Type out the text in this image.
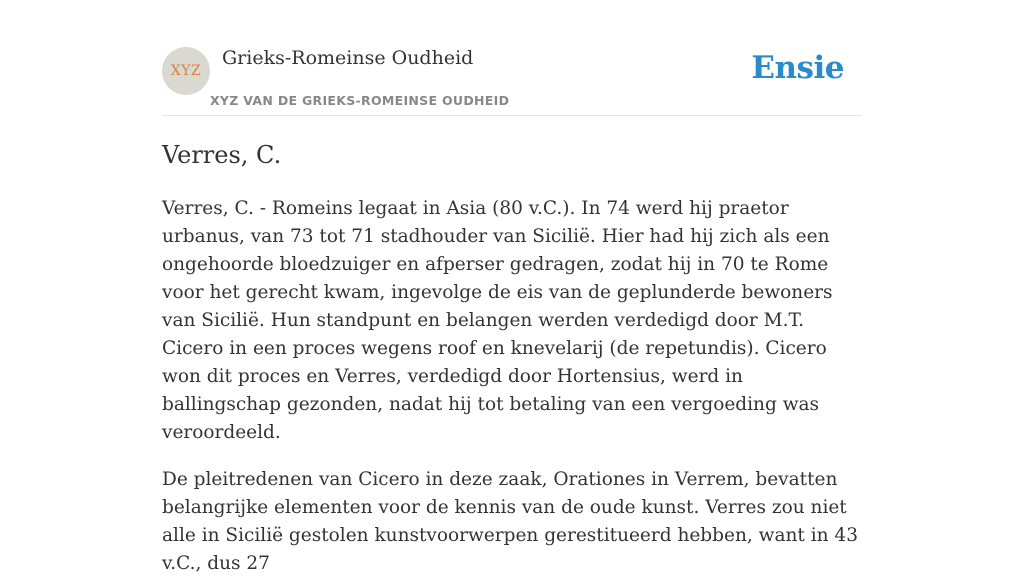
XYZ
Grieks-Romeinse Oudheid
XYZ VAN DE GRIEKS-ROMEINSE OUDHEID
Ensie
Verres, C.

Verres, C. - Romeins legaat in Asia (80 v.C.). In 74 werd hij praetor urbanus, van 73 tot 71 stadhouder van Sicilië. Hier had hij zich als een ongehoorde bloedzuiger en afperser gedragen, zodat hij in 70 te Rome voor het gerecht kwam, ingevolge de eis van de geplunderde bewoners van Sicilië. Hun standpunt en belangen werden verdedigd door M.T. Cicero in een proces wegens roof en knevelarij (de repetundis). Cicero won dit proces en Verres, verdedigd door Hortensius, werd in ballingschap gezonden, nadat hij tot betaling van een vergoeding was veroordeeld.

De pleitredenen van Cicero in deze zaak, Orationes in Verrem, bevatten belangrijke elementen voor de kennis van de oude kunst. Verres zou niet alle in Sicilië gestolen kunstvoorwerpen gerestitueerd hebben, want in 43 v.C., dus 27
